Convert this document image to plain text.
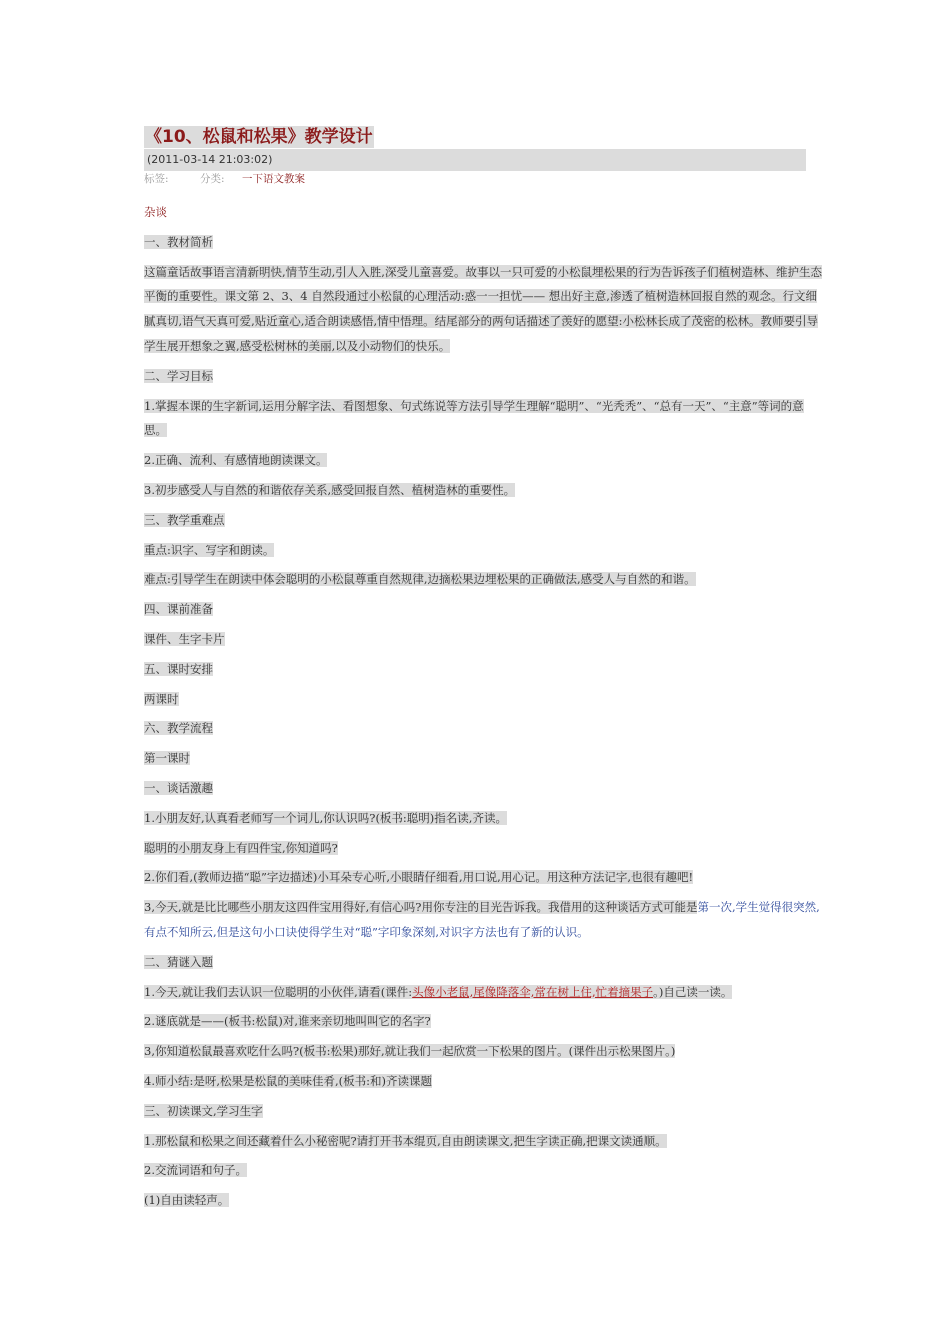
《10、松鼠和松果》教学设计
(2011-03-14 21:03:02)
标签:	分类: 一下语文教案
杂谈
一、教材简析
这篇童话故事语言清新明快,情节生动,引人入胜,深受儿童喜爱。故事以一只可爱的小松鼠埋松果的行为告诉孩子们植树造林、维护生态平衡的重要性。课文第 2、3、4 自然段通过小松鼠的心理活动:惑一一担忧—— 想出好主意,渗透了植树造林回报自然的观念。行文细腻真切,语气天真可爱,贴近童心,适合朗读感悟,情中悟理。结尾部分的两句话描述了羡好的愿望:小松林长成了茂密的松林。教师要引导学生展开想象之翼,感受松树林的美丽,以及小动物们的快乐。
二、学习目标
1.掌握本课的生字新词,运用分解字法、看图想象、句式练说等方法引导学生理解“聪明”、“光秃秃”、“总有一天”、“主意”等词的意思。
2.正确、流利、有感情地朗读课文。
3.初步感受人与自然的和谐依存关系,感受回报自然、植树造林的重要性。
三、教学重难点
重点:识字、写字和朗读。
难点:引导学生在朗读中体会聪明的小松鼠尊重自然规律,边摘松果边埋松果的正确做法,感受人与自然的和谐。
四、课前准备
课件、生字卡片
五、课时安排
两课时
六、教学流程
第一课时
一、谈话激趣
1.小朋友好,认真看老师写一个词儿,你认识吗?(板书:聪明)指名读,齐读。
聪明的小朋友身上有四件宝,你知道吗?
2.你们看,(教师边描“聪”字边描述)小耳朵专心听,小眼睛仔细看,用口说,用心记。用这种方法记字,也很有趣吧!
3,今天,就是比比哪些小朋友这四件宝用得好,有信心吗?用你专注的目光告诉我。我借用的这种谈话方式可能是第一次,学生觉得很突然,有点不知所云,但是这句小口诀使得学生对“聪”字印象深刻,对识字方法也有了新的认识。
二、猜谜入题
1.今天,就让我们去认识一位聪明的小伙伴,请看(课件:头像小老鼠,尾像降落伞,常在树上住,忙着摘果子。)自己读一读。
2.谜底就是——(板书:松鼠)对,谁来亲切地叫叫它的名字?
3,你知道松鼠最喜欢吃什么吗?(板书:松果)那好,就让我们一起欣赏一下松果的图片。(课件出示松果图片。)
4.师小结:是呀,松果是松鼠的美味佳肴,(板书:和)齐读课题
三、初读课文,学习生字
1.那松鼠和松果之间还藏着什么小秘密呢?请打开书本绲页,自由朗读课文,把生字读正确,把课文读通顺。
2.交流词语和句子。
(1)自由读轻声。
